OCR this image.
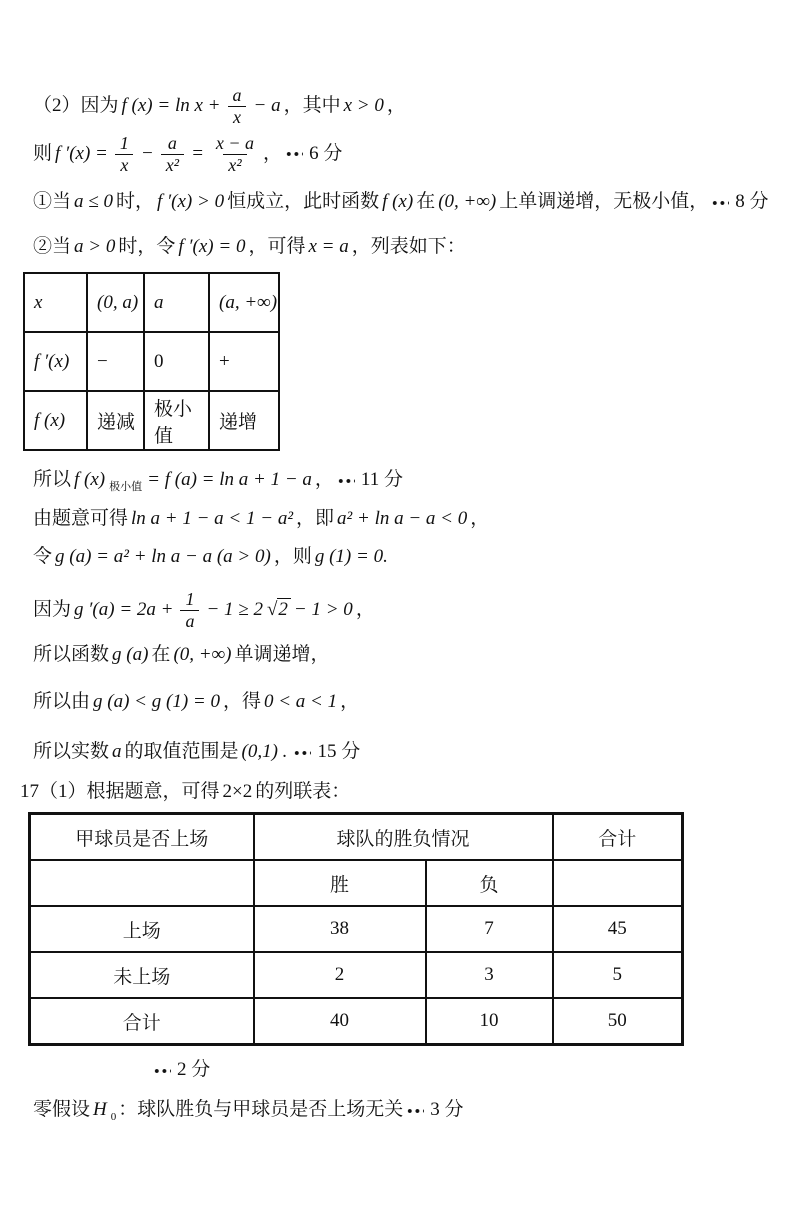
（2）因为 f $(x) = \ln x + \frac{a}{x} - a$ ，其中 x > 0 ，
则 f $'(x) = \frac{1}{x} - \frac{a}{\text{x²}} = \frac{x - a}{\text{x²}}$ ， 6 分
①当 a ≤ 0 时， f ′(x) > 0 恒成立，此时函数 f (x) 在 (0, +∞) 上单调递增，无极小值， 8 分
②当 a > 0 时，令 f ′(x) = 0 ，可得 x = a ，列表如下：
x	(0, a)	a	(a, +∞)
f ′(x)	−	0	+
f (x)	递减	极小值	递增
所以 f (x) 极小值 = f (a) = ln a + 1 − a ， 11 分
由题意可得 ln a + 1 − a < 1 − a² ，即 a² + ln a − a < 0 ，
令 g (a) = a² + ln a − a (a > 0) ，则 g (1) = 0.
因为 g $'(a) = 2a + \frac{1}{a} - 1 \ge 2$ √ 2 − 1 > 0 ，
所以函数 g (a) 在 (0, +∞) 单调递增，
所以由 g (a) < g (1) = 0 ，得 0 < a < 1 ，
所以实数 a 的取值范围是 (0,1) . 15 分
17（1）根据题意，可得 2×2 的列联表：
甲球员是否上场	球队的胜负情况		合计
	胜	负	
上场	38	7	45
未上场	2	3	5
合计	40	10	50
2 分
零假设 H 0 ：球队胜负与甲球员是否上场无关 3 分
